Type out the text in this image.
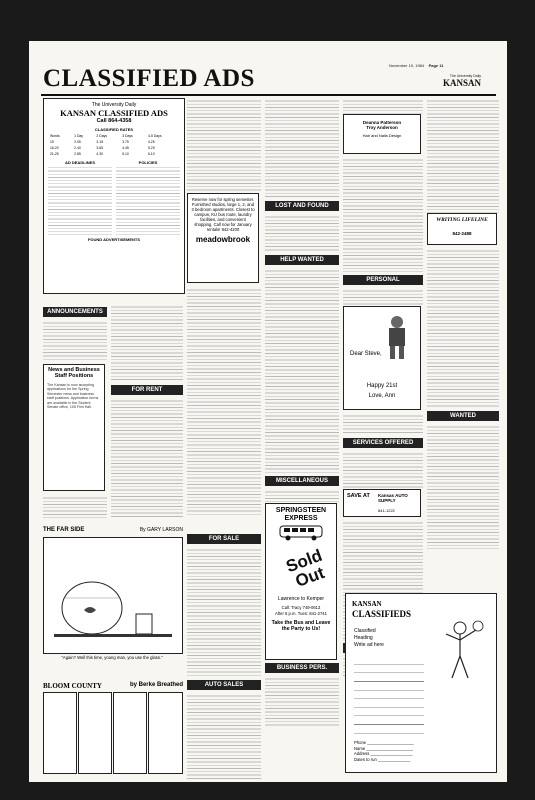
November 19, 1984 Page 11
CLASSIFIED ADS	The University Daily
KANSAN
The University Daily
KANSAN CLASSIFIED ADS
Call 864-4358
CLASSIFIED RATES
Words	1 Day	2 Days	3 Days	4-5 Days
15	2.05	3.15	3.75	4.25
16-20	2.40	3.65	4.45	5.25
21-25	2.85	4.30	5.10	6.10
AD DEADLINES	POLICIES
FOUND ADVERTISEMENTS
ANNOUNCEMENTS
News and Business Staff Positions
The Kansan is now accepting applications for the Spring Semester news and business staff positions. Application forms are available in the Student Senate office, 105 Flint Hall.
FOR RENT
Reserve now for spring semester. Furnished studios, large 1, 2, and 3 bedroom apartments. Closest to campus, KU bus route, laundry facilities, and convenient shopping. Call now for January rentals! 842-4200
meadowbrook
LOST AND FOUND
HELP WANTED
MISCELLANEOUS
SPRINGSTEEN EXPRESS
Sold Out
Lawrence to Kemper
Call: Tracy 749-0613
After 5 p.m. Tues: 841-2741
Take the Bus and Leave the Party to Us!
BUSINESS PERS.
Deanna Patterson
Troy Anderson
Hair and Nails Design
PERSONAL
Dear Steve,
Happy 21st
Love, Ann
SERVICES OFFERED
SAVE AT Kansas AUTO SUPPLY
841-1222
WRITING LIFELINE
842-2488
WANTED
KANSAN
CLASSIFIEDS
Classified
Heading
Write ad here
Phone ____________________
Name ____________________
Address __________________
Dates to run ______________
FOR SALE
AUTO SALES
THE FAR SIDE	By GARY LARSON
"Again? Well this time, young man, you use the glass."
BLOOM COUNTY	by Berke Breathed
